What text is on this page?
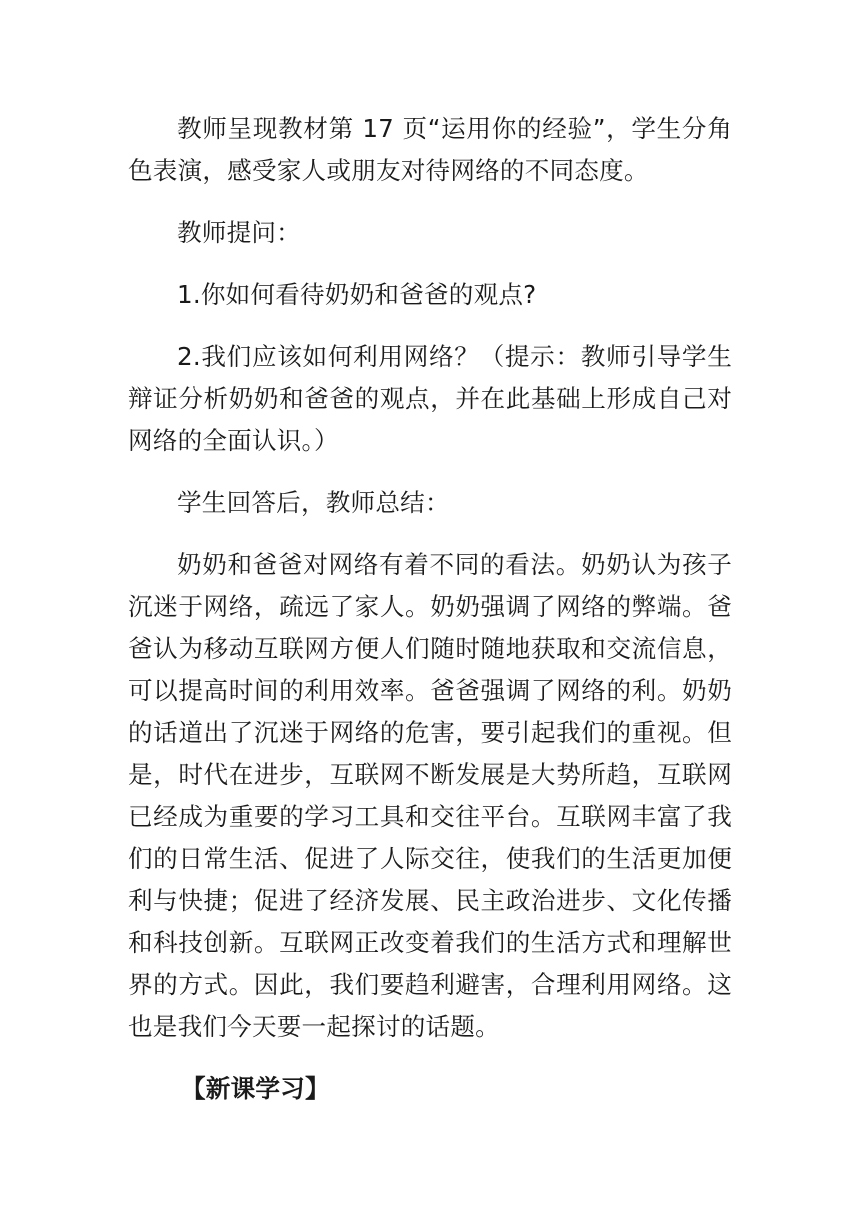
教师呈现教材第 17 页“运用你的经验”，学生分角色表演，感受家人或朋友对待网络的不同态度。

教师提问：

1.你如何看待奶奶和爸爸的观点?

2.我们应该如何利用网络？（提示：教师引导学生辩证分析奶奶和爸爸的观点，并在此基础上形成自己对网络的全面认识。）

学生回答后，教师总结：

奶奶和爸爸对网络有着不同的看法。奶奶认为孩子沉迷于网络，疏远了家人。奶奶强调了网络的弊端。爸爸认为移动互联网方便人们随时随地获取和交流信息，可以提高时间的利用效率。爸爸强调了网络的利。奶奶的话道出了沉迷于网络的危害，要引起我们的重视。但是，时代在进步，互联网不断发展是大势所趋，互联网已经成为重要的学习工具和交往平台。互联网丰富了我们的日常生活、促进了人际交往，使我们的生活更加便利与快捷；促进了经济发展、民主政治进步、文化传播和科技创新。互联网正改变着我们的生活方式和理解世界的方式。因此，我们要趋利避害，合理利用网络。这也是我们今天要一起探讨的话题。

【新课学习】
